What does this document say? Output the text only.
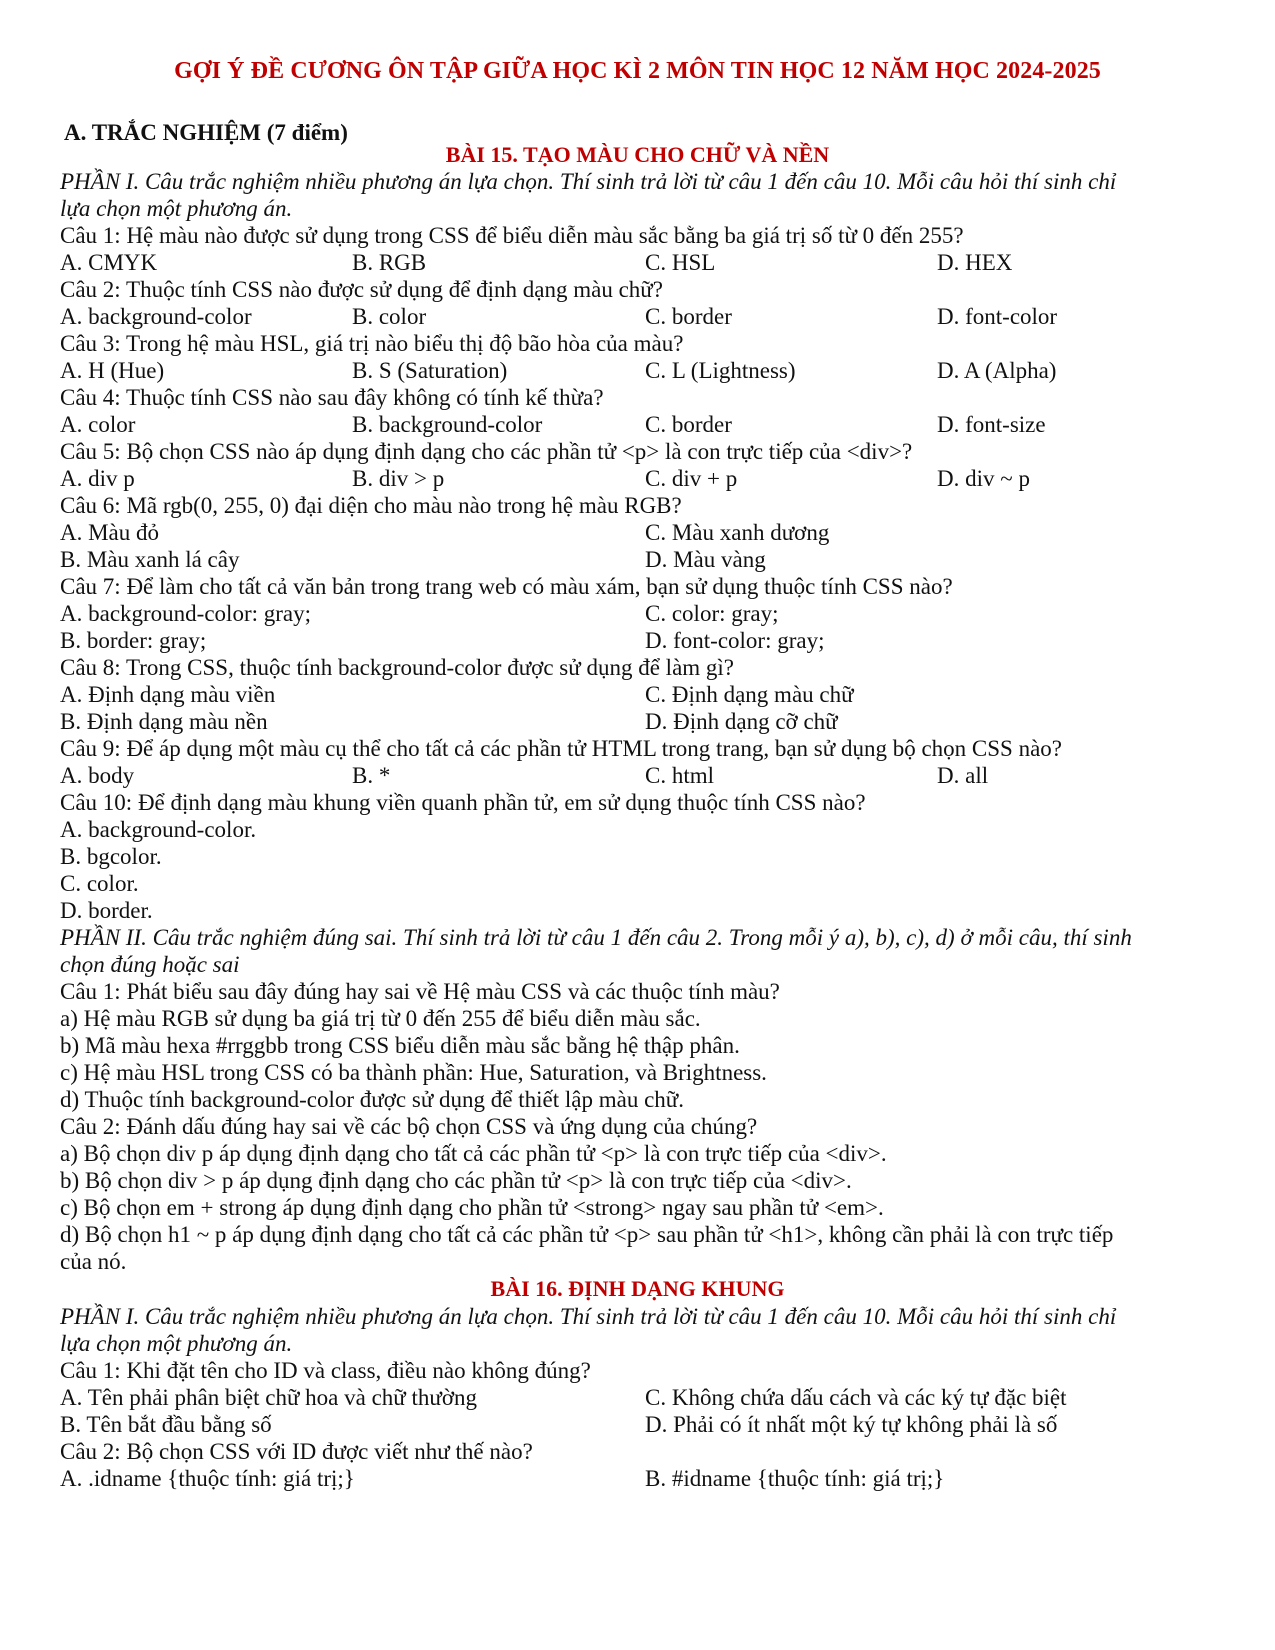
GỢI Ý ĐỀ CƯƠNG ÔN TẬP GIỮA HỌC KÌ 2 MÔN TIN HỌC 12 NĂM HỌC 2024-2025
A. TRẮC NGHIỆM (7 điểm)
BÀI 15. TẠO MÀU CHO CHỮ VÀ NỀN
PHẦN I. Câu trắc nghiệm nhiều phương án lựa chọn. Thí sinh trả lời từ câu 1 đến câu 10. Mỗi câu hỏi thí sinh chỉ
lựa chọn một phương án.
Câu 1: Hệ màu nào được sử dụng trong CSS để biểu diễn màu sắc bằng ba giá trị số từ 0 đến 255?
A. CMYK	B. RGB	C. HSL	D. HEX
Câu 2: Thuộc tính CSS nào được sử dụng để định dạng màu chữ?
A. background-color	B. color	C. border	D. font-color
Câu 3: Trong hệ màu HSL, giá trị nào biểu thị độ bão hòa của màu?
A. H (Hue)	B. S (Saturation)	C. L (Lightness)	D. A (Alpha)
Câu 4: Thuộc tính CSS nào sau đây không có tính kế thừa?
A. color	B. background-color	C. border	D. font-size
Câu 5: Bộ chọn CSS nào áp dụng định dạng cho các phần tử <p> là con trực tiếp của <div>?
A. div p	B. div > p	C. div + p	D. div ~ p
Câu 6: Mã rgb(0, 255, 0) đại diện cho màu nào trong hệ màu RGB?
A. Màu đỏ	C. Màu xanh dương
B. Màu xanh lá cây	D. Màu vàng
Câu 7: Để làm cho tất cả văn bản trong trang web có màu xám, bạn sử dụng thuộc tính CSS nào?
A. background-color: gray;	C. color: gray;
B. border: gray;	D. font-color: gray;
Câu 8: Trong CSS, thuộc tính background-color được sử dụng để làm gì?
A. Định dạng màu viền	C. Định dạng màu chữ
B. Định dạng màu nền	D. Định dạng cỡ chữ
Câu 9: Để áp dụng một màu cụ thể cho tất cả các phần tử HTML trong trang, bạn sử dụng bộ chọn CSS nào?
A. body	B. *	C. html	D. all
Câu 10: Để định dạng màu khung viền quanh phần tử, em sử dụng thuộc tính CSS nào?
A. background-color.
B. bgcolor.
C. color.
D. border.
PHẦN II. Câu trắc nghiệm đúng sai. Thí sinh trả lời từ câu 1 đến câu 2. Trong mỗi ý a), b), c), d) ở mỗi câu, thí sinh
chọn đúng hoặc sai
Câu 1: Phát biểu sau đây đúng hay sai về Hệ màu CSS và các thuộc tính màu?
a) Hệ màu RGB sử dụng ba giá trị từ 0 đến 255 để biểu diễn màu sắc.
b) Mã màu hexa #rrggbb trong CSS biểu diễn màu sắc bằng hệ thập phân.
c) Hệ màu HSL trong CSS có ba thành phần: Hue, Saturation, và Brightness.
d) Thuộc tính background-color được sử dụng để thiết lập màu chữ.
Câu 2: Đánh dấu đúng hay sai về các bộ chọn CSS và ứng dụng của chúng?
a) Bộ chọn div p áp dụng định dạng cho tất cả các phần tử <p> là con trực tiếp của <div>.
b) Bộ chọn div > p áp dụng định dạng cho các phần tử <p> là con trực tiếp của <div>.
c) Bộ chọn em + strong áp dụng định dạng cho phần tử <strong> ngay sau phần tử <em>.
d) Bộ chọn h1 ~ p áp dụng định dạng cho tất cả các phần tử <p> sau phần tử <h1>, không cần phải là con trực tiếp
của nó.
BÀI 16. ĐỊNH DẠNG KHUNG
PHẦN I. Câu trắc nghiệm nhiều phương án lựa chọn. Thí sinh trả lời từ câu 1 đến câu 10. Mỗi câu hỏi thí sinh chỉ
lựa chọn một phương án.
Câu 1: Khi đặt tên cho ID và class, điều nào không đúng?
A. Tên phải phân biệt chữ hoa và chữ thường	C. Không chứa dấu cách và các ký tự đặc biệt
B. Tên bắt đầu bằng số	D. Phải có ít nhất một ký tự không phải là số
Câu 2: Bộ chọn CSS với ID được viết như thế nào?
A. .idname {thuộc tính: giá trị;}	B. #idname {thuộc tính: giá trị;}
